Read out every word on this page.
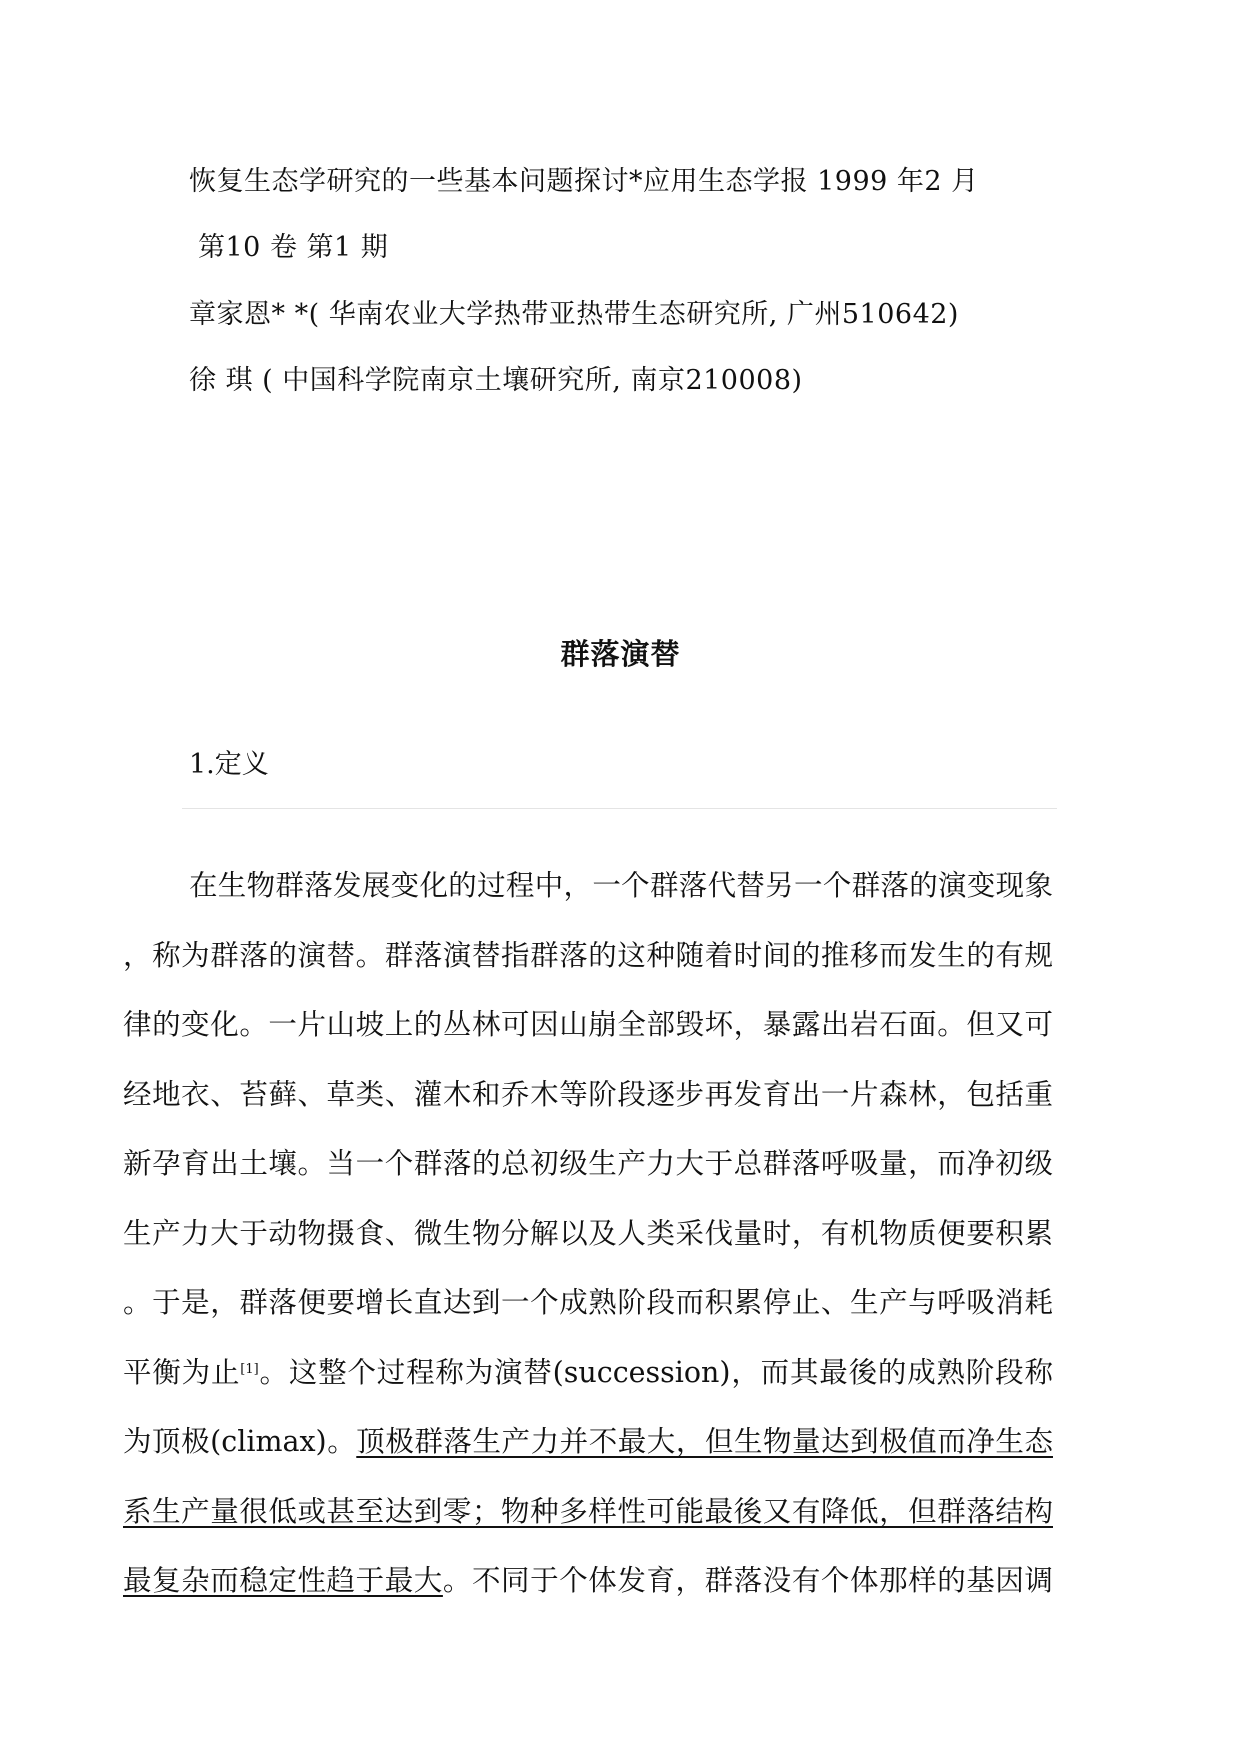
恢复生态学研究的一些基本问题探讨*应用生态学报 1999 年2 月
第10 卷 第1 期
章家恩* *( 华南农业大学热带亚热带生态研究所, 广州510642)
徐 琪 ( 中国科学院南京土壤研究所, 南京210008)
群落演替
1.定义
在生物群落发展变化的过程中，一个群落代替另一个群落的演变现象
，称为群落的演替。群落演替指群落的这种随着时间的推移而发生的有规
律的变化。一片山坡上的丛林可因山崩全部毁坏，暴露出岩石面。但又可
经地衣、苔藓、草类、灌木和乔木等阶段逐步再发育出一片森林，包括重
新孕育出土壤。当一个群落的总初级生产力大于总群落呼吸量，而净初级
生产力大于动物摄食、微生物分解以及人类采伐量时，有机物质便要积累
。于是，群落便要增长直达到一个成熟阶段而积累停止、生产与呼吸消耗
平衡为止[1]。这整个过程称为演替(succession)，而其最後的成熟阶段称
为顶极(climax)。顶极群落生产力并不最大，但生物量达到极值而净生态
系生产量很低或甚至达到零；物种多样性可能最後又有降低，但群落结构
最复杂而稳定性趋于最大。不同于个体发育，群落没有个体那样的基因调
